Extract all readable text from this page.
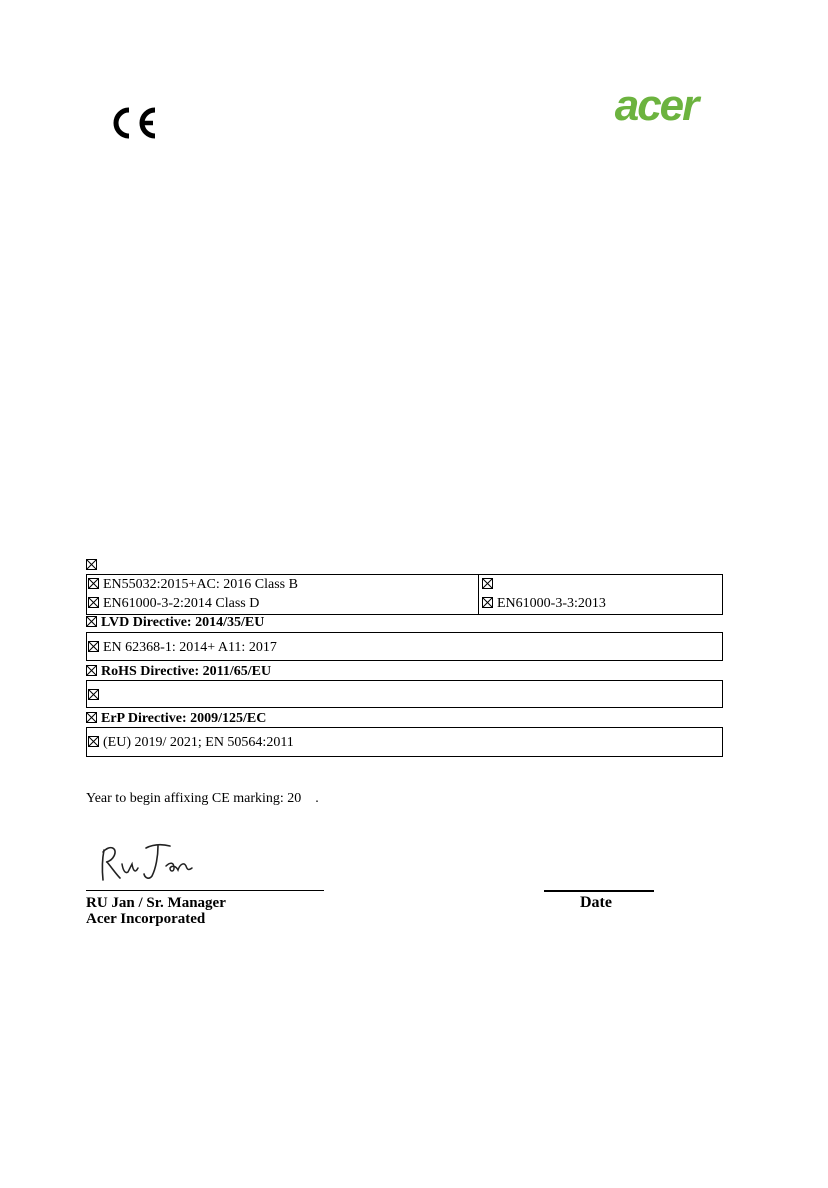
acer
EN55032:2015+AC: 2016 Class B
EN61000-3-2:2014 Class D	EN61000-3-3:2013
LVD Directive: 2014/35/EU
EN 62368-1: 2014+ A11: 2017
RoHS Directive: 2011/65/EU
ErP Directive: 2009/125/EC
(EU) 2019/ 2021; EN 50564:2011
Year to begin affixing CE marking: 20 .
RU Jan / Sr. Manager
Acer Incorporated
Date
